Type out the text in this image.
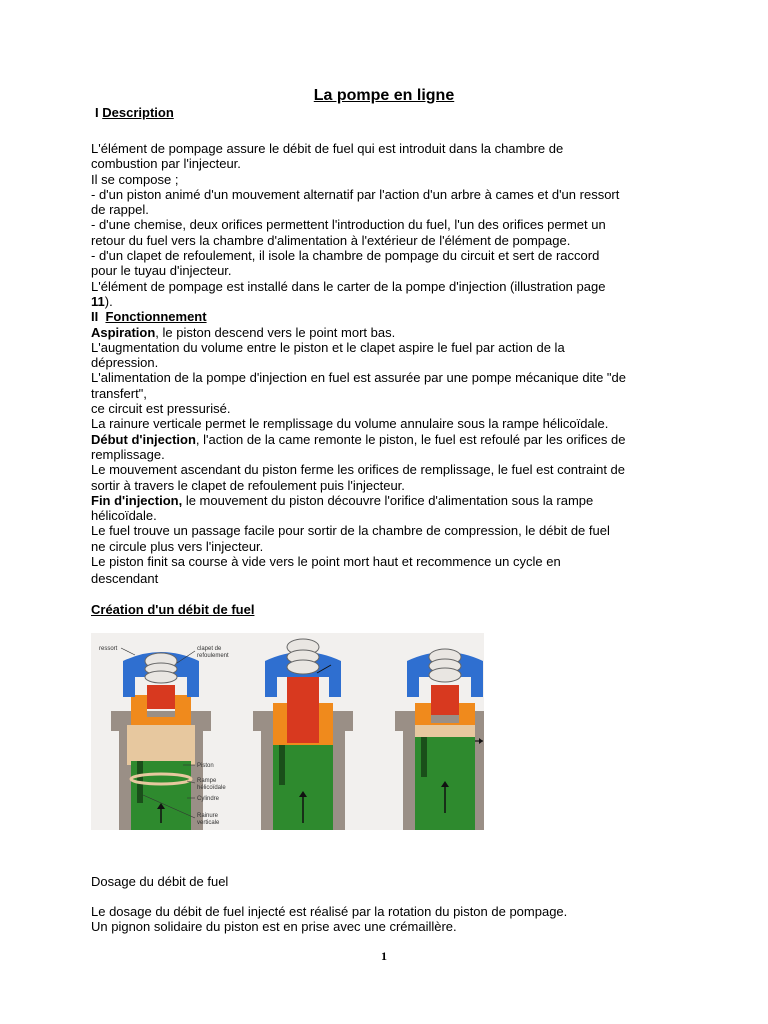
La pompe en ligne
I Description

L'élément de pompage assure le débit de fuel qui est introduit dans la chambre de

combustion par l'injecteur.

Il se compose ;

- d'un piston animé d'un mouvement alternatif par l'action d'un arbre à cames et d'un ressort

de rappel.

- d'une chemise, deux orifices permettent l'introduction du fuel, l'un des orifices permet un

retour du fuel vers la chambre d'alimentation à l'extérieur de l'élément de pompage.

- d'un clapet de refoulement, il isole la chambre de pompage du circuit et sert de raccord

pour le tuyau d'injecteur.

L'élément de pompage est installé dans le carter de la pompe d'injection (illustration page

11).

II Fonctionnement

Aspiration, le piston descend vers le point mort bas.

L'augmentation du volume entre le piston et le clapet aspire le fuel par action de la

dépression.

L'alimentation de la pompe d'injection en fuel est assurée par une pompe mécanique dite "de

transfert",

ce circuit est pressurisé.

La rainure verticale permet le remplissage du volume annulaire sous la rampe hélicoïdale.

Début d'injection, l'action de la came remonte le piston, le fuel est refoulé par les orifices de

remplissage.

Le mouvement ascendant du piston ferme les orifices de remplissage, le fuel est contraint de

sortir à travers le clapet de refoulement puis l'injecteur.

Fin d'injection, le mouvement du piston découvre l'orifice d'alimentation sous la rampe

hélicoïdale.

Le fuel trouve un passage facile pour sortir de la chambre de compression, le débit de fuel

ne circule plus vers l'injecteur.

Le piston finit sa course à vide vers le point mort haut et recommence un cycle en

descendant

Création d'un débit de fuel
ressort	clapet de
refoulement
Piston
Rampe
hélicoïdale
Cylindre
Rainure
verticale
Dosage du débit de fuel

Le dosage du débit de fuel injecté est réalisé par la rotation du piston de pompage.

Un pignon solidaire du piston est en prise avec une crémaillère.

1
